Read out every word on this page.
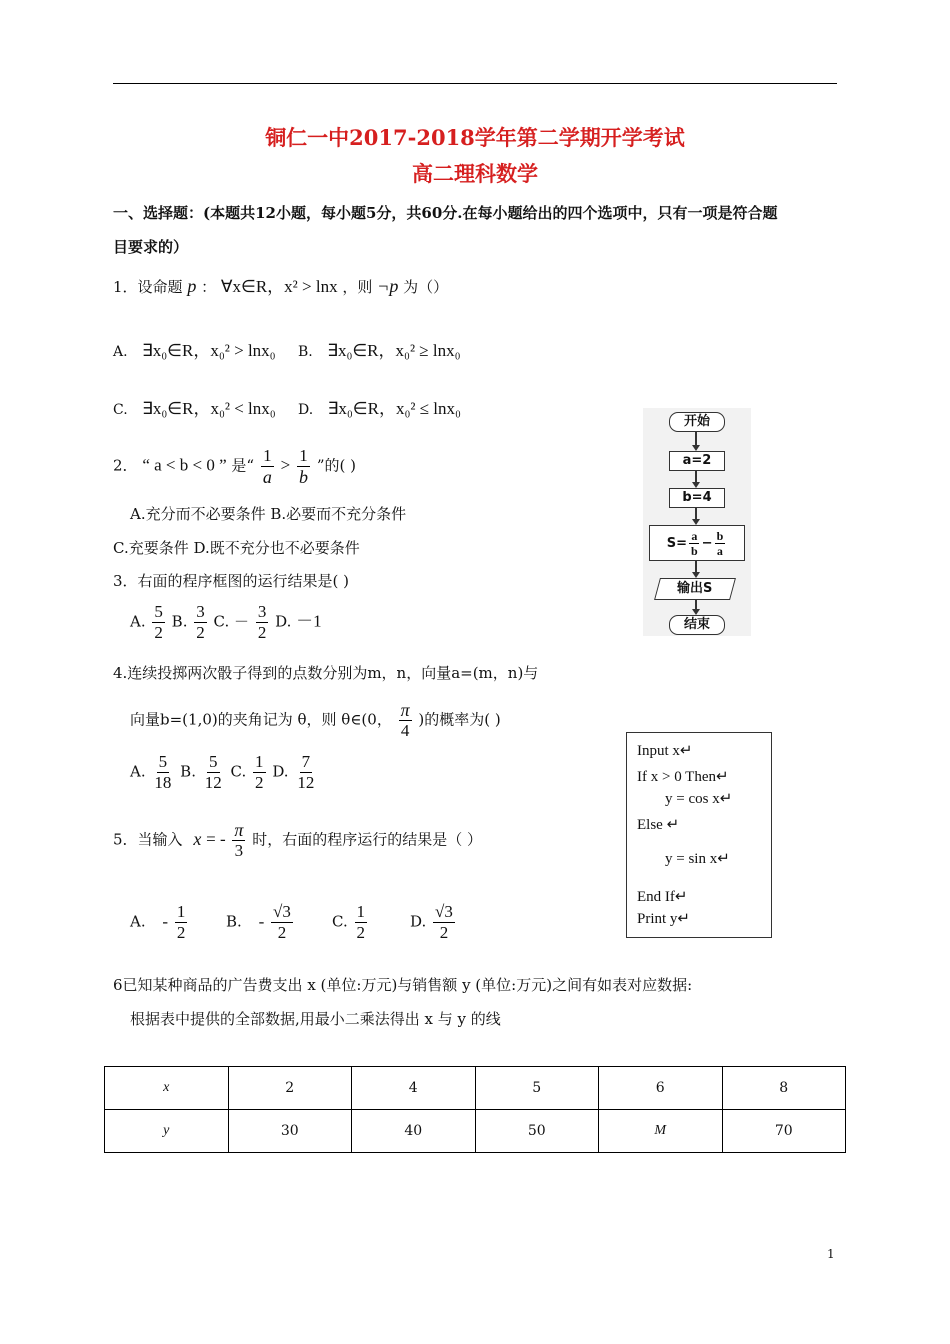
铜仁一中2017-2018学年第二学期开学考试
高二理科数学
一、选择题：(本题共12小题，每小题5分，共60分.在每小题给出的四个选项中，只有一项是符合题
目要求的）
1．设命题 p ： ∀x∈R，x² > lnx ，则 ¬p 为（）
A. ∃x₀∈R，x₀² > lnx₀ B. ∃x₀∈R，x₀² ≥ lnx₀
C. ∃x₀∈R，x₀² < lnx₀ D. ∃x₀∈R，x₀² ≤ lnx₀
2． “ a < b < 0 ” 是“ $\frac{1}{a} > \frac{1}{b}$ ”的( )
A.充分而不必要条件 B.必要而不充分条件
C.充要条件 D.既不充分也不必要条件
3．右面的程序框图的运行结果是( )
A. $\frac{5}{2} B$. $\frac{3}{2} C$. － $\frac{3}{2} D$. －1
开始
a=2
b=4
$S= \frac{a}{b} - \frac{b}{a}$
输出S
结束
4.连续投掷两次骰子得到的点数分别为m，n，向量a=(m，n)与
向量b=(1,0)的夹角记为 θ，则 θ∈(0， $\frac{\pi}{4}$ )的概率为( )
A. $\frac{5}{18} B$. $\frac{5}{12} C$. $\frac{1}{2} D$. $\frac{7}{12}$
Input x↵
If x > 0 Then↵
y = cos x↵
Else ↵
y = sin x↵
End If↵
Print y↵
5．当输入 x = - $\frac{\pi}{3}$ 时，右面的程序运行的结果是（ ）
A. - $\frac{1}{2}$	B. - $\frac{√3}{2}$	C. $\frac{1}{2}$	D. $\frac{√3}{2}$
6已知某种商品的广告费支出 x (单位:万元)与销售额 y (单位:万元)之间有如表对应数据:
根据表中提供的全部数据,用最小二乘法得出 x 与 y 的线
x	2	4	5	6	8
y	30	40	50	M	70
1
